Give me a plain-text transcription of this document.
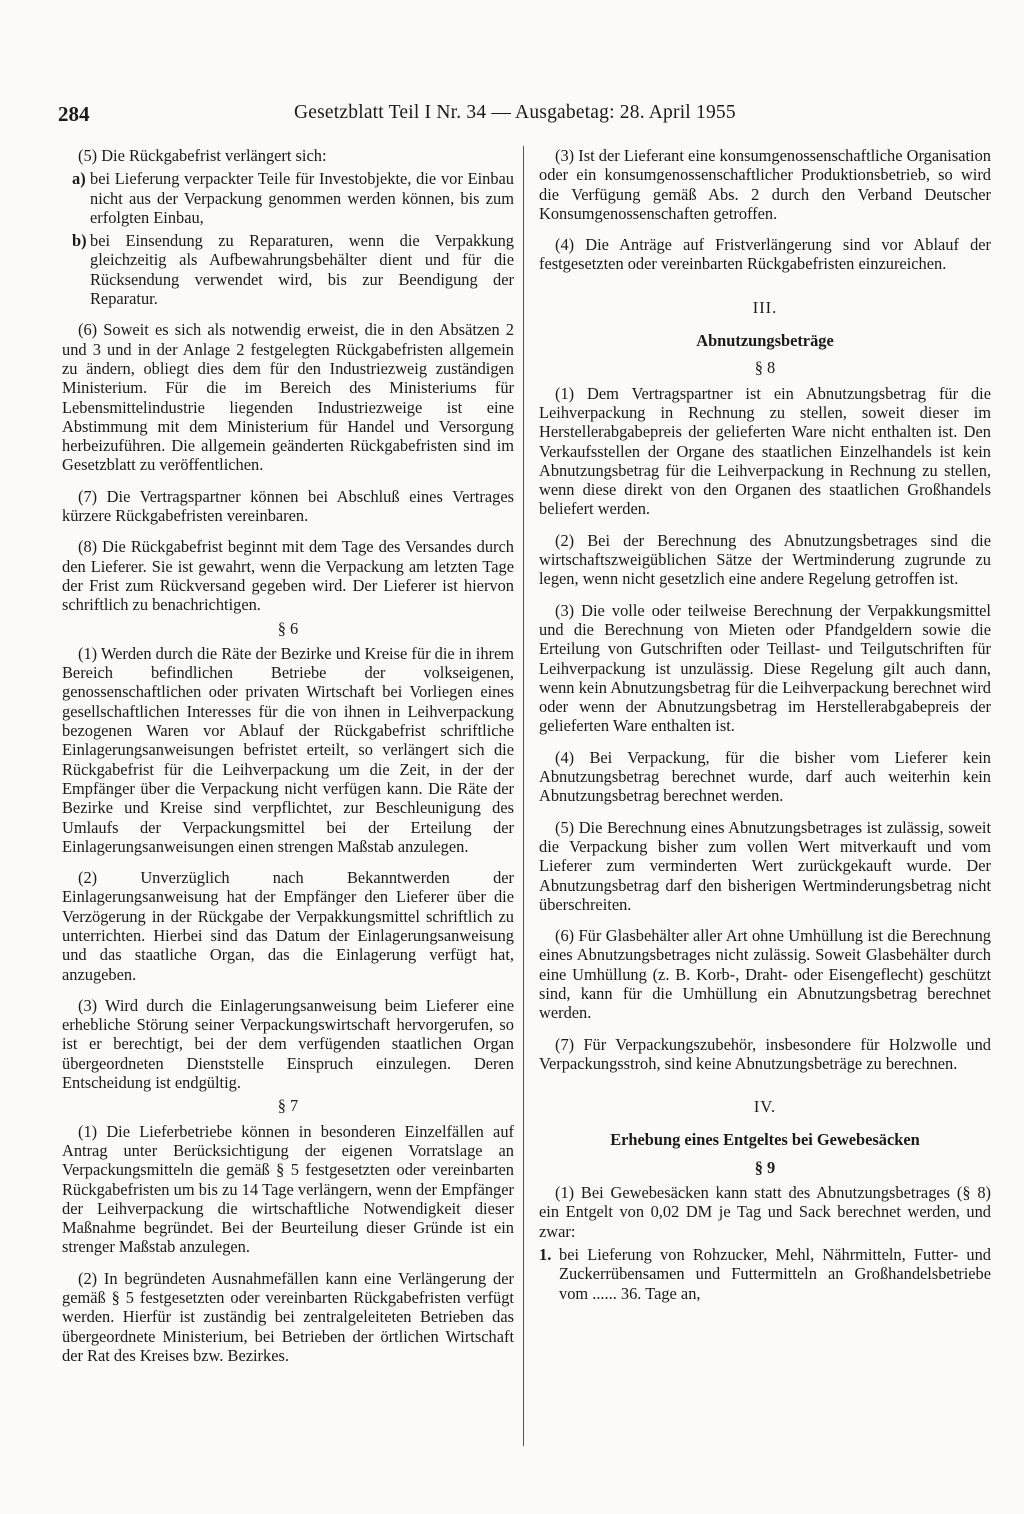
284	Gesetzblatt Teil I Nr. 34 — Ausgabetag: 28. April 1955

(5) Die Rückgabefrist verlängert sich:

a) bei Lieferung verpackter Teile für Investobjekte, die vor Einbau nicht aus der Verpackung genommen werden können, bis zum erfolgten Einbau,
b) bei Einsendung zu Reparaturen, wenn die Verpakkung gleichzeitig als Aufbewahrungsbehälter dient und für die Rücksendung verwendet wird, bis zur Beendigung der Reparatur.

(6) Soweit es sich als notwendig erweist, die in den Absätzen 2 und 3 und in der Anlage 2 festgelegten Rückgabefristen allgemein zu ändern, obliegt dies dem für den Industriezweig zuständigen Ministerium. Für die im Bereich des Ministeriums für Lebensmittelindustrie liegenden Industriezweige ist eine Abstimmung mit dem Ministerium für Handel und Versorgung herbeizuführen. Die allgemein geänderten Rückgabefristen sind im Gesetzblatt zu veröffentlichen.

(7) Die Vertragspartner können bei Abschluß eines Vertrages kürzere Rückgabefristen vereinbaren.

(8) Die Rückgabefrist beginnt mit dem Tage des Versandes durch den Lieferer. Sie ist gewahrt, wenn die Verpackung am letzten Tage der Frist zum Rückversand gegeben wird. Der Lieferer ist hiervon schriftlich zu benachrichtigen.

§ 6

(1) Werden durch die Räte der Bezirke und Kreise für die in ihrem Bereich befindlichen Betriebe der volkseigenen, genossenschaftlichen oder privaten Wirtschaft bei Vorliegen eines gesellschaftlichen Interesses für die von ihnen in Leihverpackung bezogenen Waren vor Ablauf der Rückgabefrist schriftliche Einlagerungsanweisungen befristet erteilt, so verlängert sich die Rückgabefrist für die Leihverpackung um die Zeit, in der der Empfänger über die Verpackung nicht verfügen kann. Die Räte der Bezirke und Kreise sind verpflichtet, zur Beschleunigung des Umlaufs der Verpackungsmittel bei der Erteilung der Einlagerungsanweisungen einen strengen Maßstab anzulegen.

(2) Unverzüglich nach Bekanntwerden der Einlagerungsanweisung hat der Empfänger den Lieferer über die Verzögerung in der Rückgabe der Verpakkungsmittel schriftlich zu unterrichten. Hierbei sind das Datum der Einlagerungsanweisung und das staatliche Organ, das die Einlagerung verfügt hat, anzugeben.

(3) Wird durch die Einlagerungsanweisung beim Lieferer eine erhebliche Störung seiner Verpackungswirtschaft hervorgerufen, so ist er berechtigt, bei der dem verfügenden staatlichen Organ übergeordneten Dienststelle Einspruch einzulegen. Deren Entscheidung ist endgültig.

§ 7

(1) Die Lieferbetriebe können in besonderen Einzelfällen auf Antrag unter Berücksichtigung der eigenen Vorratslage an Verpackungsmitteln die gemäß § 5 festgesetzten oder vereinbarten Rückgabefristen um bis zu 14 Tage verlängern, wenn der Empfänger der Leihverpackung die wirtschaftliche Notwendigkeit dieser Maßnahme begründet. Bei der Beurteilung dieser Gründe ist ein strenger Maßstab anzulegen.

(2) In begründeten Ausnahmefällen kann eine Verlängerung der gemäß § 5 festgesetzten oder vereinbarten Rückgabefristen verfügt werden. Hierfür ist zuständig bei zentralgeleiteten Betrieben das übergeordnete Ministerium, bei Betrieben der örtlichen Wirtschaft der Rat des Kreises bzw. Bezirkes.

(3) Ist der Lieferant eine konsumgenossenschaftliche Organisation oder ein konsumgenossenschaftlicher Produktionsbetrieb, so wird die Verfügung gemäß Abs. 2 durch den Verband Deutscher Konsumgenossenschaften getroffen.

(4) Die Anträge auf Fristverlängerung sind vor Ablauf der festgesetzten oder vereinbarten Rückgabefristen einzureichen.

III.

Abnutzungsbeträge

§ 8

(1) Dem Vertragspartner ist ein Abnutzungsbetrag für die Leihverpackung in Rechnung zu stellen, soweit dieser im Herstellerabgabepreis der gelieferten Ware nicht enthalten ist. Den Verkaufsstellen der Organe des staatlichen Einzelhandels ist kein Abnutzungsbetrag für die Leihverpackung in Rechnung zu stellen, wenn diese direkt von den Organen des staatlichen Großhandels beliefert werden.

(2) Bei der Berechnung des Abnutzungsbetrages sind die wirtschaftszweigüblichen Sätze der Wertminderung zugrunde zu legen, wenn nicht gesetzlich eine andere Regelung getroffen ist.

(3) Die volle oder teilweise Berechnung der Verpakkungsmittel und die Berechnung von Mieten oder Pfandgeldern sowie die Erteilung von Gutschriften oder Teillast- und Teilgutschriften für Leihverpackung ist unzulässig. Diese Regelung gilt auch dann, wenn kein Abnutzungsbetrag für die Leihverpackung berechnet wird oder wenn der Abnutzungsbetrag im Herstellerabgabepreis der gelieferten Ware enthalten ist.

(4) Bei Verpackung, für die bisher vom Lieferer kein Abnutzungsbetrag berechnet wurde, darf auch weiterhin kein Abnutzungsbetrag berechnet werden.

(5) Die Berechnung eines Abnutzungsbetrages ist zulässig, soweit die Verpackung bisher zum vollen Wert mitverkauft und vom Lieferer zum verminderten Wert zurückgekauft wurde. Der Abnutzungsbetrag darf den bisherigen Wertminderungsbetrag nicht überschreiten.

(6) Für Glasbehälter aller Art ohne Umhüllung ist die Berechnung eines Abnutzungsbetrages nicht zulässig. Soweit Glasbehälter durch eine Umhüllung (z. B. Korb-, Draht- oder Eisengeflecht) geschützt sind, kann für die Umhüllung ein Abnutzungsbetrag berechnet werden.

(7) Für Verpackungszubehör, insbesondere für Holzwolle und Verpackungsstroh, sind keine Abnutzungsbeträge zu berechnen.

IV.

Erhebung eines Entgeltes bei Gewebesäcken

§ 9

(1) Bei Gewebesäcken kann statt des Abnutzungsbetrages (§ 8) ein Entgelt von 0,02 DM je Tag und Sack berechnet werden, und zwar:

1. bei Lieferung von Rohzucker, Mehl, Nährmitteln, Futter- und Zuckerrübensamen und Futtermitteln an Großhandelsbetriebe vom ...... 36. Tage an,
